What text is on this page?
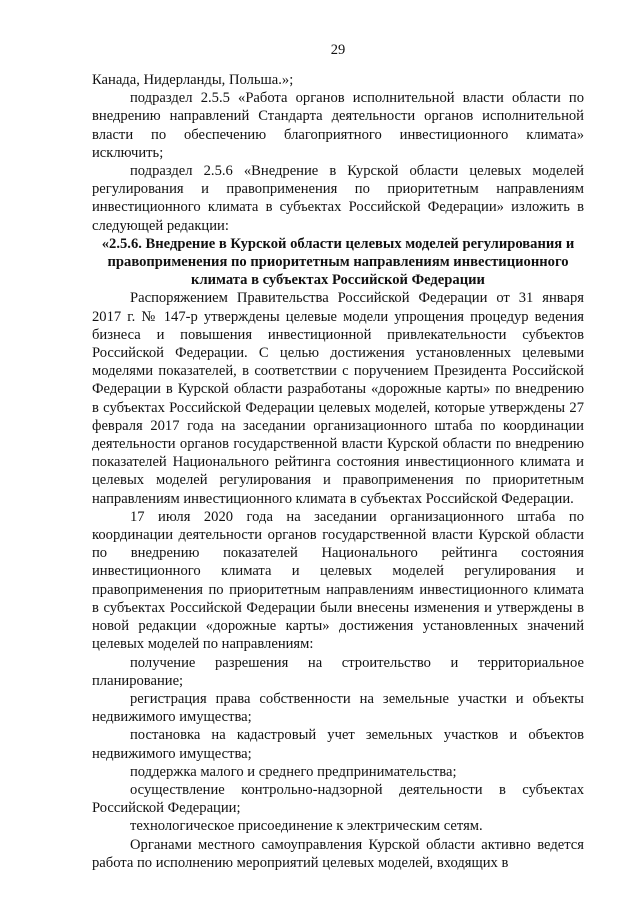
29

Канада, Нидерланды, Польша.»;

подраздел 2.5.5 «Работа органов исполнительной власти области по внедрению направлений Стандарта деятельности органов исполнительной власти по обеспечению благоприятного инвестиционного климата» исключить;

подраздел 2.5.6 «Внедрение в Курской области целевых моделей регулирования и правоприменения по приоритетным направлениям инвестиционного климата в субъектах Российской Федерации» изложить в следующей редакции:

«2.5.6. Внедрение в Курской области целевых моделей регулирования и правоприменения по приоритетным направлениям инвестиционного климата в субъектах Российской Федерации

Распоряжением Правительства Российской Федерации от 31 января 2017 г. № 147-р утверждены целевые модели упрощения процедур ведения бизнеса и повышения инвестиционной привлекательности субъектов Российской Федерации. С целью достижения установленных целевыми моделями показателей, в соответствии с поручением Президента Российской Федерации в Курской области разработаны «дорожные карты» по внедрению в субъектах Российской Федерации целевых моделей, которые утверждены 27 февраля 2017 года на заседании организационного штаба по координации деятельности органов государственной власти Курской области по внедрению показателей Национального рейтинга состояния инвестиционного климата и целевых моделей регулирования и правоприменения по приоритетным направлениям инвестиционного климата в субъектах Российской Федерации.

17 июля 2020 года на заседании организационного штаба по координации деятельности органов государственной власти Курской области по внедрению показателей Национального рейтинга состояния инвестиционного климата и целевых моделей регулирования и правоприменения по приоритетным направлениям инвестиционного климата в субъектах Российской Федерации были внесены изменения и утверждены в новой редакции «дорожные карты» достижения установленных значений целевых моделей по направлениям:

получение разрешения на строительство и территориальное планирование;

регистрация права собственности на земельные участки и объекты недвижимого имущества;

постановка на кадастровый учет земельных участков и объектов недвижимого имущества;

поддержка малого и среднего предпринимательства;

осуществление контрольно-надзорной деятельности в субъектах Российской Федерации;

технологическое присоединение к электрическим сетям.

Органами местного самоуправления Курской области активно ведется работа по исполнению мероприятий целевых моделей, входящих в
